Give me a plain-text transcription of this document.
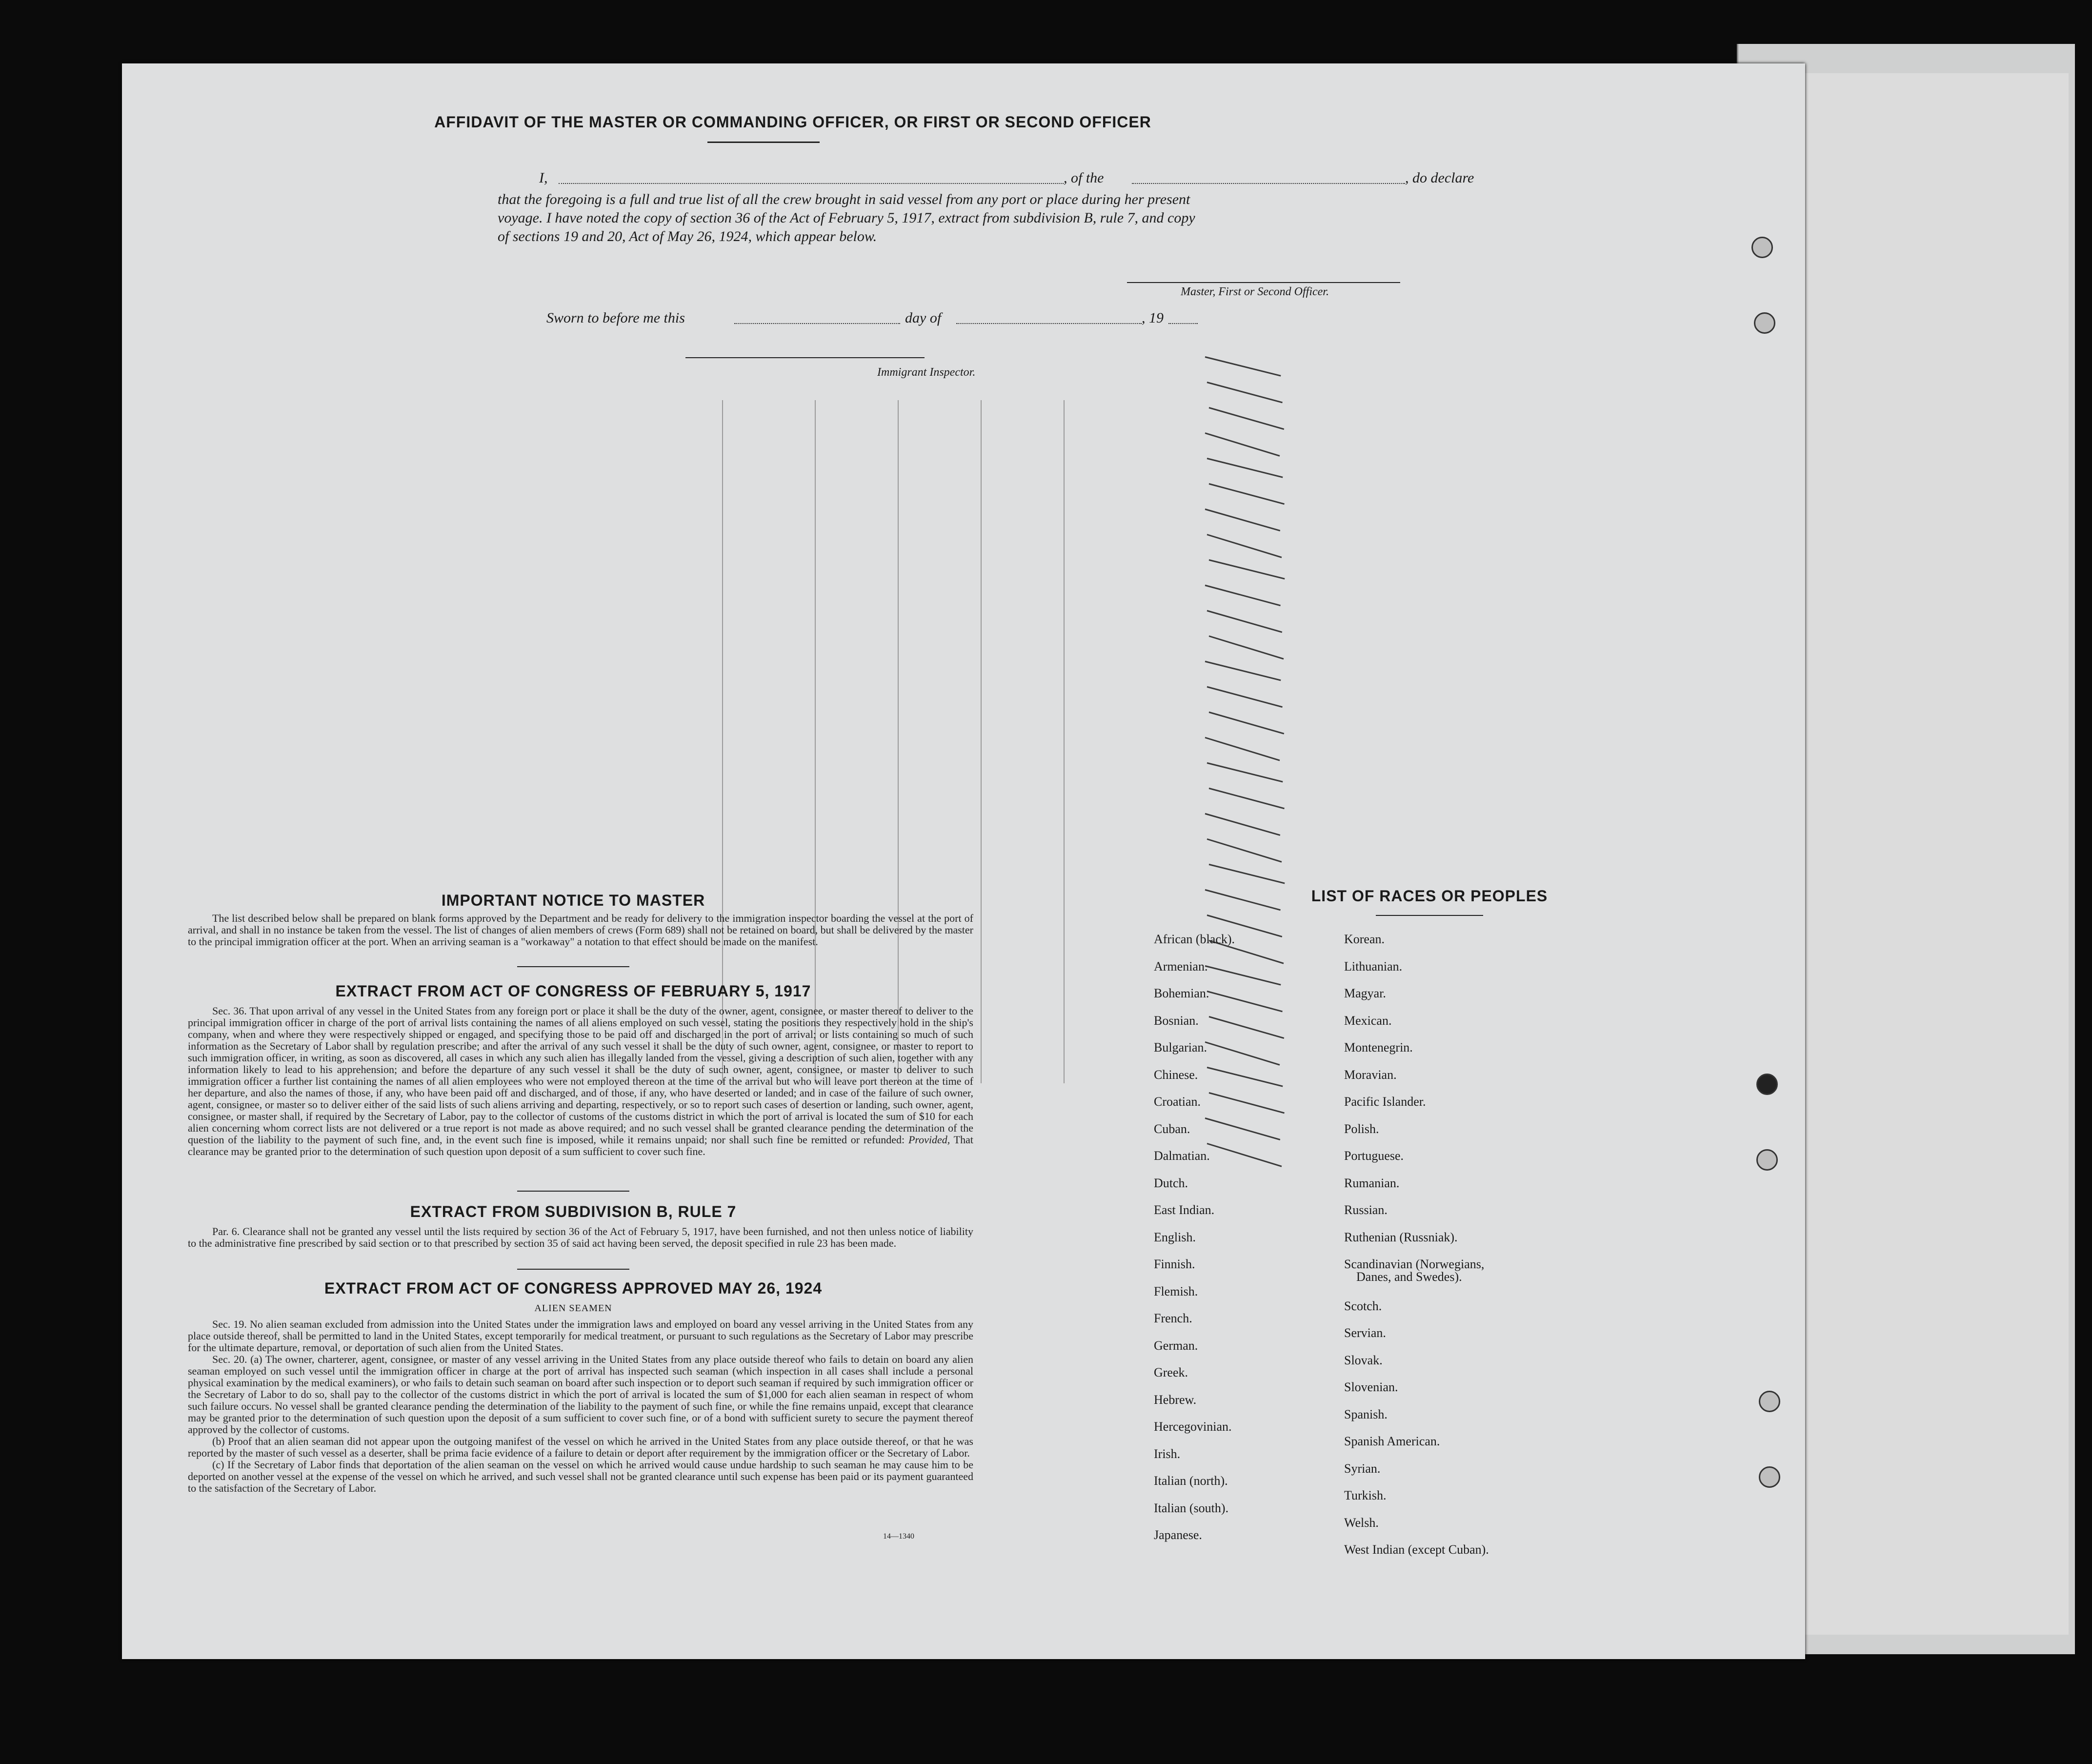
AFFIDAVIT OF THE MASTER OR COMMANDING OFFICER, OR FIRST OR SECOND OFFICER
I,	, of the	, do declare
that the foregoing is a full and true list of all the crew brought in said vessel from any port or place during her present
voyage. I have noted the copy of section 36 of the Act of February 5, 1917, extract from subdivision B, rule 7, and copy
of sections 19 and 20, Act of May 26, 1924, which appear below.
Master, First or Second Officer.
Sworn to before me this	day of	, 19
Immigrant Inspector.
IMPORTANT NOTICE TO MASTER
The list described below shall be prepared on blank forms approved by the Department and be ready for delivery to the immigration inspector boarding the vessel at the port of arrival, and shall in no instance be taken from the vessel. The list of changes of alien members of crews (Form 689) shall not be retained on board, but shall be delivered by the master to the principal immigration officer at the port. When an arriving seaman is a "workaway" a notation to that effect should be made on the manifest.
EXTRACT FROM ACT OF CONGRESS OF FEBRUARY 5, 1917
Sec. 36. That upon arrival of any vessel in the United States from any foreign port or place it shall be the duty of the owner, agent, consignee, or master thereof to deliver to the principal immigration officer in charge of the port of arrival lists containing the names of all aliens employed on such vessel, stating the positions they respectively hold in the ship's company, when and where they were respectively shipped or engaged, and specifying those to be paid off and discharged in the port of arrival; or lists containing so much of such information as the Secretary of Labor shall by regulation prescribe; and after the arrival of any such vessel it shall be the duty of such owner, agent, consignee, or master to report to such immigration officer, in writing, as soon as discovered, all cases in which any such alien has illegally landed from the vessel, giving a description of such alien, together with any information likely to lead to his apprehension; and before the departure of any such vessel it shall be the duty of such owner, agent, consignee, or master to deliver to such immigration officer a further list containing the names of all alien employees who were not employed thereon at the time of the arrival but who will leave port thereon at the time of her departure, and also the names of those, if any, who have been paid off and discharged, and of those, if any, who have deserted or landed; and in case of the failure of such owner, agent, consignee, or master so to deliver either of the said lists of such aliens arriving and departing, respectively, or so to report such cases of desertion or landing, such owner, agent, consignee, or master shall, if required by the Secretary of Labor, pay to the collector of customs of the customs district in which the port of arrival is located the sum of $10 for each alien concerning whom correct lists are not delivered or a true report is not made as above required; and no such vessel shall be granted clearance pending the determination of the question of the liability to the payment of such fine, and, in the event such fine is imposed, while it remains unpaid; nor shall such fine be remitted or refunded: Provided, That clearance may be granted prior to the determination of such question upon deposit of a sum sufficient to cover such fine.
EXTRACT FROM SUBDIVISION B, RULE 7
Par. 6. Clearance shall not be granted any vessel until the lists required by section 36 of the Act of February 5, 1917, have been furnished, and not then unless notice of liability to the administrative fine prescribed by said section or to that prescribed by section 35 of said act having been served, the deposit specified in rule 23 has been made.
EXTRACT FROM ACT OF CONGRESS APPROVED MAY 26, 1924
ALIEN SEAMEN
Sec. 19. No alien seaman excluded from admission into the United States under the immigration laws and employed on board any vessel arriving in the United States from any place outside thereof, shall be permitted to land in the United States, except temporarily for medical treatment, or pursuant to such regulations as the Secretary of Labor may prescribe for the ultimate departure, removal, or deportation of such alien from the United States.
Sec. 20. (a) The owner, charterer, agent, consignee, or master of any vessel arriving in the United States from any place outside thereof who fails to detain on board any alien seaman employed on such vessel until the immigration officer in charge at the port of arrival has inspected such seaman (which inspection in all cases shall include a personal physical examination by the medical examiners), or who fails to detain such seaman on board after such inspection or to deport such seaman if required by such immigration officer or the Secretary of Labor to do so, shall pay to the collector of the customs district in which the port of arrival is located the sum of $1,000 for each alien seaman in respect of whom such failure occurs. No vessel shall be granted clearance pending the determination of the liability to the payment of such fine, or while the fine remains unpaid, except that clearance may be granted prior to the determination of such question upon the deposit of a sum sufficient to cover such fine, or of a bond with sufficient surety to secure the payment thereof approved by the collector of customs.
(b) Proof that an alien seaman did not appear upon the outgoing manifest of the vessel on which he arrived in the United States from any place outside thereof, or that he was reported by the master of such vessel as a deserter, shall be prima facie evidence of a failure to detain or deport after requirement by the immigration officer or the Secretary of Labor.
(c) If the Secretary of Labor finds that deportation of the alien seaman on the vessel on which he arrived would cause undue hardship to such seaman he may cause him to be deported on another vessel at the expense of the vessel on which he arrived, and such vessel shall not be granted clearance until such expense has been paid or its payment guaranteed to the satisfaction of the Secretary of Labor.
14—1340
LIST OF RACES OR PEOPLES
African (black).
Armenian.
Bohemian.
Bosnian.
Bulgarian.
Chinese.
Croatian.
Cuban.
Dalmatian.
Dutch.
East Indian.
English.
Finnish.
Flemish.
French.
German.
Greek.
Hebrew.
Hercegovinian.
Irish.
Italian (north).
Italian (south).
Japanese.
Korean.
Lithuanian.
Magyar.
Mexican.
Montenegrin.
Moravian.
Pacific Islander.
Polish.
Portuguese.
Rumanian.
Russian.
Ruthenian (Russniak).
Scandinavian (Norwegians,
Danes, and Swedes).
Scotch.
Servian.
Slovak.
Slovenian.
Spanish.
Spanish American.
Syrian.
Turkish.
Welsh.
West Indian (except Cuban).
